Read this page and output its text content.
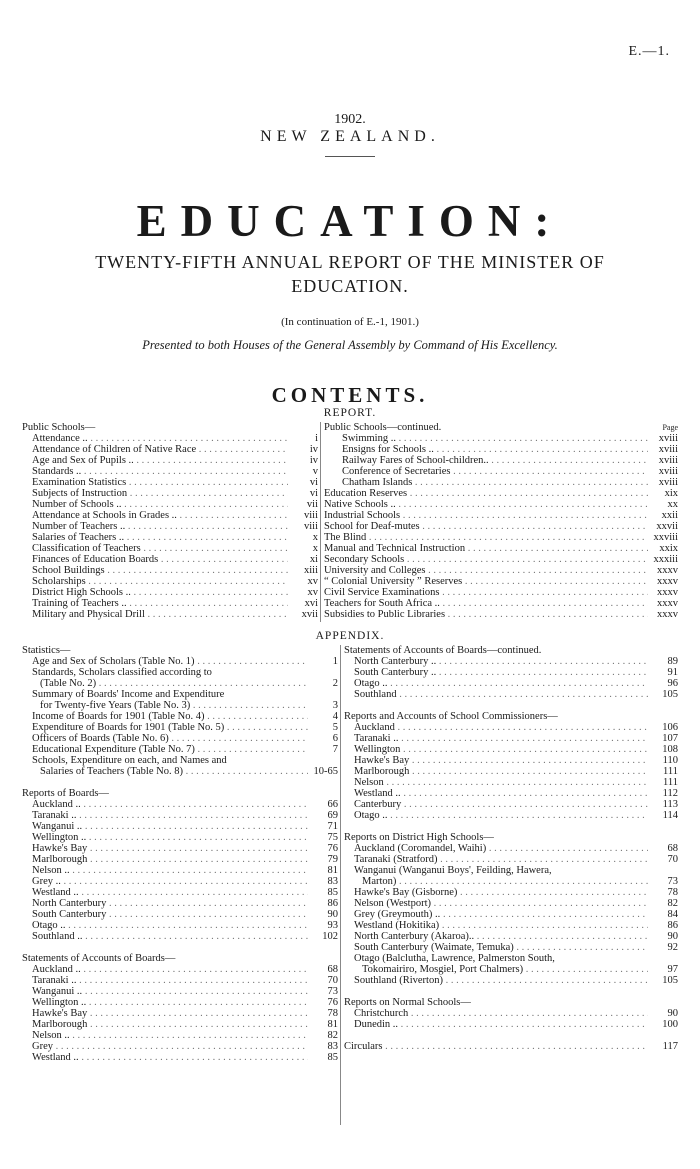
E.—1.
1902.
NEW ZEALAND.
EDUCATION:
TWENTY-FIFTH ANNUAL REPORT OF THE MINISTER OF
EDUCATION.
(In continuation of E.-1, 1901.)
Presented to both Houses of the General Assembly by Command of His Excellency.
CONTENTS.
REPORT.
Public Schools—
Attendance .. . . .	i
Attendance of Children of Native Race . . .	iv
Age and Sex of Pupils .. . . .	iv
Standards .. . . .	v
Examination Statistics . . .	vi
Subjects of Instruction . . .	vi
Number of Schools .. . . .	vii
Attendance at Schools in Grades .. . . .	viii
Number of Teachers .. . . .	viii
Salaries of Teachers .. . . .	x
Classification of Teachers . . .	x
Finances of Education Boards . . .	xi
School Buildings . . .	xiii
Scholarships . . .	xv
District High Schools .. . . .	xv
Training of Teachers .. . . .	xvi
Military and Physical Drill . . .	xvii
Public Schools—continued.	Page
Swimming .. . . .	xviii
Ensigns for Schools .. . . .	xviii
Railway Fares of School-children.. . . .	xviii
Conference of Secretaries . . .	xviii
Chatham Islands . . .	xviii
Education Reserves . . .	xix
Native Schools .. . . .	xx
Industrial Schools . . .	xxii
School for Deaf-mutes . . .	xxvii
The Blind . . .	xxviii
Manual and Technical Instruction . . .	xxix
Secondary Schools . . .	xxxiii
University and Colleges . . .	xxxv
“ Colonial University ” Reserves . . .	xxxv
Civil Service Examinations . . .	xxxv
Teachers for South Africa .. . . .	xxxv
Subsidies to Public Libraries . . .	xxxv
APPENDIX.
Statistics—
Age and Sex of Scholars (Table No. 1) . . .	1
Standards, Scholars classified according to
(Table No. 2) . . .	2
Summary of Boards' Income and Expenditure
for Twenty-five Years (Table No. 3) . . .	3
Income of Boards for 1901 (Table No. 4) . . .	4
Expenditure of Boards for 1901 (Table No. 5) . . .	5
Officers of Boards (Table No. 6) . . .	6
Educational Expenditure (Table No. 7) . . .	7
Schools, Expenditure on each, and Names and
Salaries of Teachers (Table No. 8) . . .	10-65
Reports of Boards—
Auckland .. . . .	66
Taranaki .. . . .	69
Wanganui .. . . .	71
Wellington .. . . .	75
Hawke's Bay . . .	76
Marlborough . . .	79
Nelson .. . . .	81
Grey .. . . .	83
Westland .. . . .	85
North Canterbury . . .	86
South Canterbury . . .	90
Otago .. . . .	93
Southland .. . . .	102
Statements of Accounts of Boards—
Auckland .. . . .	68
Taranaki .. . . .	70
Wanganui .. . . .	73
Wellington .. . . .	76
Hawke's Bay . . .	78
Marlborough . . .	81
Nelson .. . . .	82
Grey . . .	83
Westland .. . . .	85
Statements of Accounts of Boards—continued.
North Canterbury .. . . .	89
South Canterbury .. . . .	91
Otago .. . . .	96
Southland . . .	105
Reports and Accounts of School Commissioners—
Auckland . . .	106
Taranaki .. . . .	107
Wellington . . .	108
Hawke's Bay . . .	110
Marlborough . . .	111
Nelson . . .	111
Westland .. . . .	112
Canterbury . . .	113
Otago .. . . .	114
Reports on District High Schools—
Auckland (Coromandel, Waihi) . . .	68
Taranaki (Stratford) . . .	70
Wanganui (Wanganui Boys', Feilding, Hawera,
Marton) . . .	73
Hawke's Bay (Gisborne) . . .	78
Nelson (Westport) . . .	82
Grey (Greymouth) .. . . .	84
Westland (Hokitika) . . .	86
North Canterbury (Akaroa).. . . .	90
South Canterbury (Waimate, Temuka) . . .	92
Otago (Balclutha, Lawrence, Palmerston South,
Tokomairiro, Mosgiel, Port Chalmers) . . .	97
Southland (Riverton) . . .	105
Reports on Normal Schools—
Christchurch . . .	90
Dunedin .. . . .	100
Circulars . . .	117
